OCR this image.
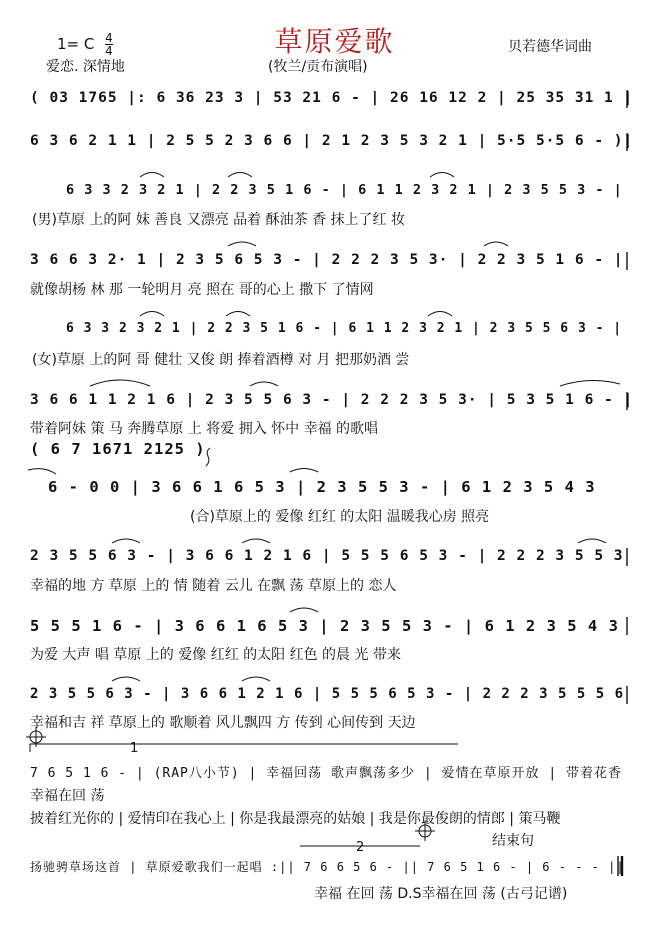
草原爱歌
1= C $\frac{4}{4}$
爱恋. 深情地	(牧兰/贡布演唱)
贝若德华词曲
( 03 1765 |: 6 36 23 3 | 53 21 6 - | 26 16 12 2 | 25 35 31 1 |
6 3 6 2 1 1 | 2 5 5 2 3 6 6 | 2 1 2 3 5 3 2 1 | 5·5 5·5 6 - )|
6 3 3 2 3 2 1 | 2 2 3 5 1 6 - | 6 1 1 2 3 2 1 | 2 3 5 5 3 - |
(男)草原 上的阿 妹 善良 又漂亮 品着 酥油茶 香 抹上了红 妆
3 6 6 3 2· 1 | 2 3 5 6 5 3 - | 2 2 2 3 5 3· | 2 2 3 5 1 6 - |
就像胡杨 林 那 一轮明月 亮 照在 哥的心上 撒下 了情网
6 3 3 2 3 2 1 | 2 2 3 5 1 6 - | 6 1 1 2 3 2 1 | 2 3 5 5 6 3 - |
(女)草原 上的阿 哥 健壮 又俊 朗 捧着酒樽 对 月 把那奶酒 尝
3 6 6 1 1 2 1 6 | 2 3 5 5 6 3 - | 2 2 2 3 5 3· | 5 3 5 1 6 - |
带着阿妹 策 马 奔腾草原 上 将爱 拥入 怀中 幸福 的歌唱
( 6 7 1671 2125 )
6 - 0 0 | 3 6 6 1 6 5 3 | 2 3 5 5 3 - | 6 1 2 3 5 4 3
(合)草原上的 爱像 红红 的太阳 温暖我心房 照亮
2 3 5 5 6 3 - | 3 6 6 1 2 1 6 | 5 5 5 6 5 3 - | 2 2 2 3 5 5 3
幸福的地 方 草原 上的 情 随着 云儿 在飘 荡 草原上的 恋人
5 5 5 1 6 - | 3 6 6 1 6 5 3 | 2 3 5 5 3 - | 6 1 2 3 5 4 3
为爱 大声 唱 草原 上的 爱像 红红 的太阳 红色 的晨 光 带来
2 3 5 5 6 3 - | 3 6 6 1 2 1 6 | 5 5 5 6 5 3 - | 2 2 2 3 5 5 5 6
幸福和吉 祥 草原上的 歌顺着 风儿飘四 方 传到 心间传到 天边
7 6 5 1 6 - | (RAP八小节) | 幸福回荡 歌声飘荡多少 | 爱情在草原开放 | 带着花香
幸福在回 荡
披着红光你的 | 爱情印在我心上 | 你是我最漂亮的姑娘 | 我是你最俊朗的情郎 | 策马鞭
结束句
扬驰骋草场这首 | 草原爱歌我们一起唱 :|| 7 6 6 5 6 - || 7 6 5 1 6 - | 6 - - - ||
幸福 在回 荡 D.S幸福在回 荡 (古弓记谱)
1
2
